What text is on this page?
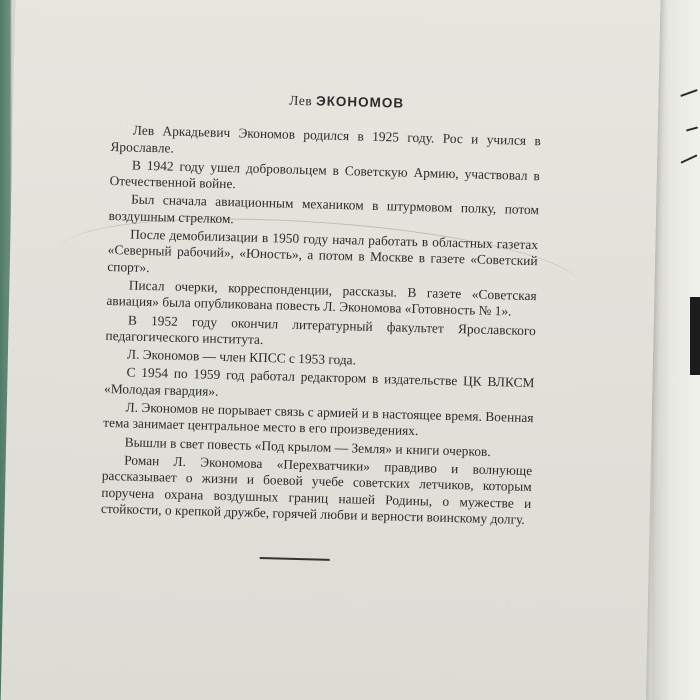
Лев ЭКОНОМОВ

Лев Аркадьевич Экономов родился в 1925 году. Рос и учился в Ярославле.

В 1942 году ушел добровольцем в Советскую Армию, участвовал в Отечественной войне.

Был сначала авиационным механиком в штурмовом полку, потом воздушным стрелком.

После демобилизации в 1950 году начал работать в областных газетах «Северный рабочий», «Юность», а потом в Москве в газете «Советский спорт».

Писал очерки, корреспонденции, рассказы. В газете «Советская авиация» была опубликована повесть Л. Экономова «Готовность № 1».

В 1952 году окончил литературный факультет Ярославского педагогического института.

Л. Экономов — член КПСС с 1953 года.

С 1954 по 1959 год работал редактором в издательстве ЦК ВЛКСМ «Молодая гвардия».

Л. Экономов не порывает связь с армией и в настоящее время. Военная тема занимает центральное место в его произведениях.

Вышли в свет повесть «Под крылом — Земля» и книги очерков.

Роман Л. Экономова «Перехватчики» правдиво и волнующе рассказывает о жизни и боевой учебе советских летчиков, которым поручена охрана воздушных границ нашей Родины, о мужестве и стойкости, о крепкой дружбе, горячей любви и верности воинскому долгу.
